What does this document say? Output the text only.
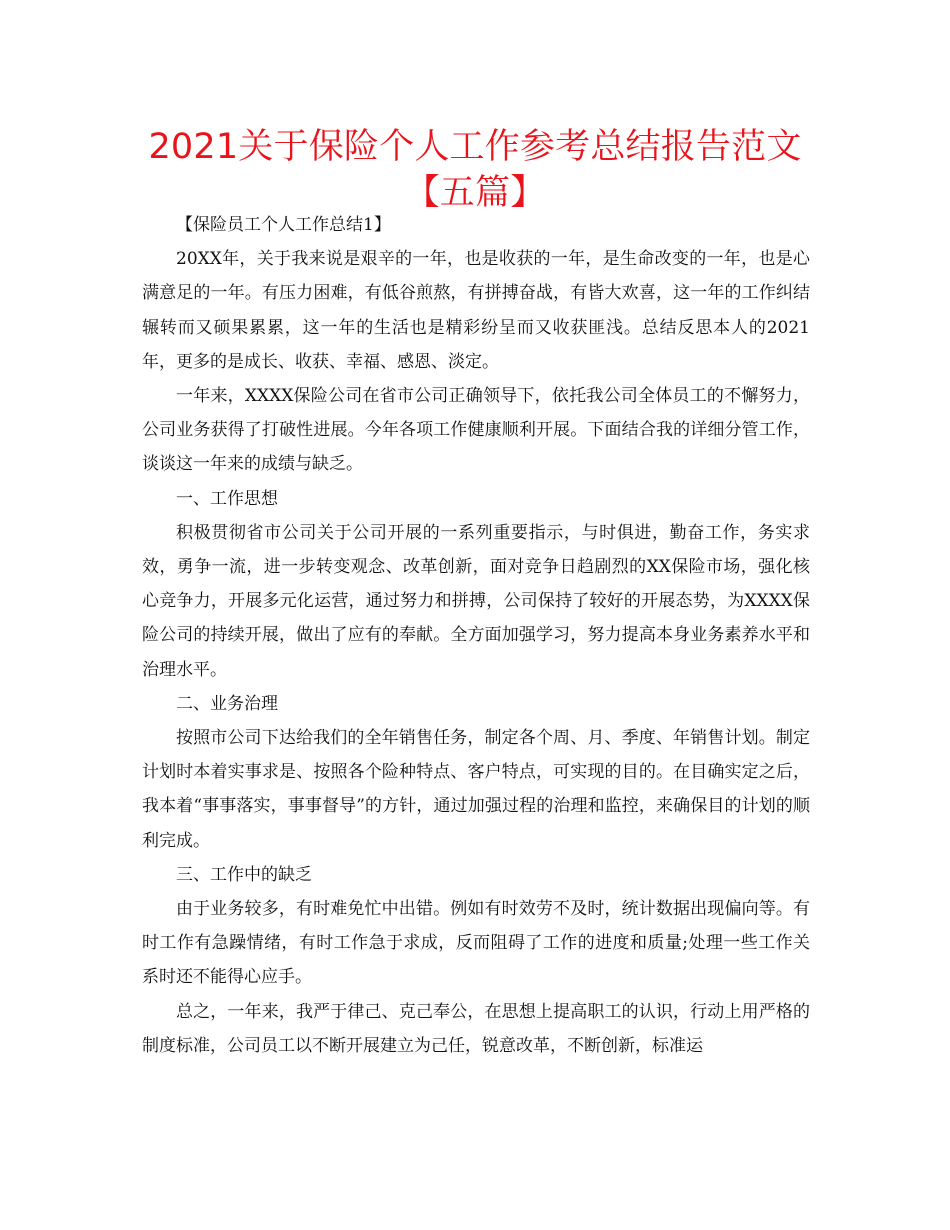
2021关于保险个人工作参考总结报告范文【五篇】

【保险员工个人工作总结1】

20XX年，关于我来说是艰辛的一年，也是收获的一年，是生命改变的一年，也是心满意足的一年。有压力困难，有低谷煎熬，有拼搏奋战，有皆大欢喜，这一年的工作纠结辗转而又硕果累累，这一年的生活也是精彩纷呈而又收获匪浅。总结反思本人的2021年，更多的是成长、收获、幸福、感恩、淡定。

一年来，XXXX保险公司在省市公司正确领导下，依托我公司全体员工的不懈努力，公司业务获得了打破性进展。今年各项工作健康顺利开展。下面结合我的详细分管工作，谈谈这一年来的成绩与缺乏。

一、工作思想

积极贯彻省市公司关于公司开展的一系列重要指示，与时俱进，勤奋工作，务实求效，勇争一流，进一步转变观念、改革创新，面对竞争日趋剧烈的XX保险市场，强化核心竞争力，开展多元化运营，通过努力和拼搏，公司保持了较好的开展态势，为XXXX保险公司的持续开展，做出了应有的奉献。全方面加强学习，努力提高本身业务素养水平和治理水平。

二、业务治理

按照市公司下达给我们的全年销售任务，制定各个周、月、季度、年销售计划。制定计划时本着实事求是、按照各个险种特点、客户特点，可实现的目的。在目确实定之后，我本着“事事落实，事事督导”的方针，通过加强过程的治理和监控，来确保目的计划的顺利完成。

三、工作中的缺乏

由于业务较多，有时难免忙中出错。例如有时效劳不及时，统计数据出现偏向等。有时工作有急躁情绪，有时工作急于求成，反而阻碍了工作的进度和质量;处理一些工作关系时还不能得心应手。

总之，一年来，我严于律己、克己奉公，在思想上提高职工的认识，行动上用严格的制度标准，公司员工以不断开展建立为己任，锐意改革，不断创新，标准运
